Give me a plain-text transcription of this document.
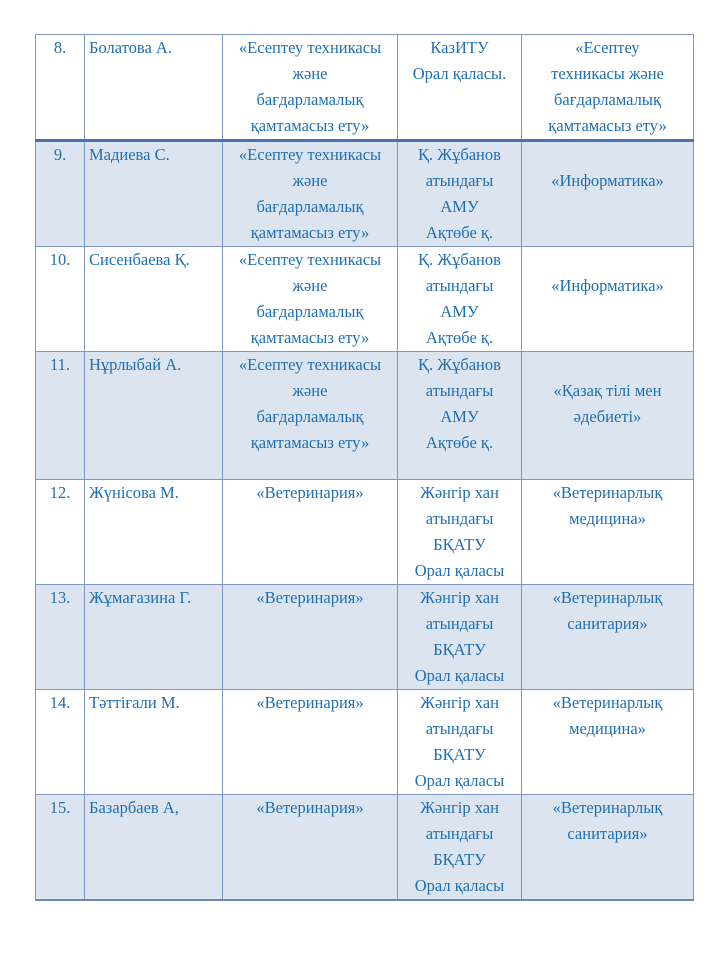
8.	Болатова А.	«Есептеу техникасы
және
бағдарламалық
қамтамасыз ету»	КазИТУ
Орал қаласы.	«Есептеу
техникасы және
бағдарламалық
қамтамасыз ету»

9.	Мадиева С.	«Есептеу техникасы
және
бағдарламалық
қамтамасыз ету»	Қ. Жұбанов
атындағы
АМУ
Ақтөбе қ.	«Информатика»

10.	Сисенбаева Қ.	«Есептеу техникасы
және
бағдарламалық
қамтамасыз ету»	Қ. Жұбанов
атындағы
АМУ
Ақтөбе қ.	«Информатика»

11.	Нұрлыбай А.	«Есептеу техникасы
және
бағдарламалық
қамтамасыз ету»	Қ. Жұбанов
атындағы
АМУ
Ақтөбе қ.	«Қазақ тілі мен
әдебиеті»

12.	Жүнісова М.	«Ветеринария»	Жәнгір хан
атындағы
БҚАТУ
Орал қаласы	«Ветеринарлық
медицина»

13.	Жұмағазина Г.	«Ветеринария»	Жәнгір хан
атындағы
БҚАТУ
Орал қаласы	«Ветеринарлық
санитария»

14.	Тәттіғали М.	«Ветеринария»	Жәнгір хан
атындағы
БҚАТУ
Орал қаласы	«Ветеринарлық
медицина»

15.	Базарбаев А,	«Ветеринария»	Жәнгір хан
атындағы
БҚАТУ
Орал қаласы	«Ветеринарлық
санитария»
